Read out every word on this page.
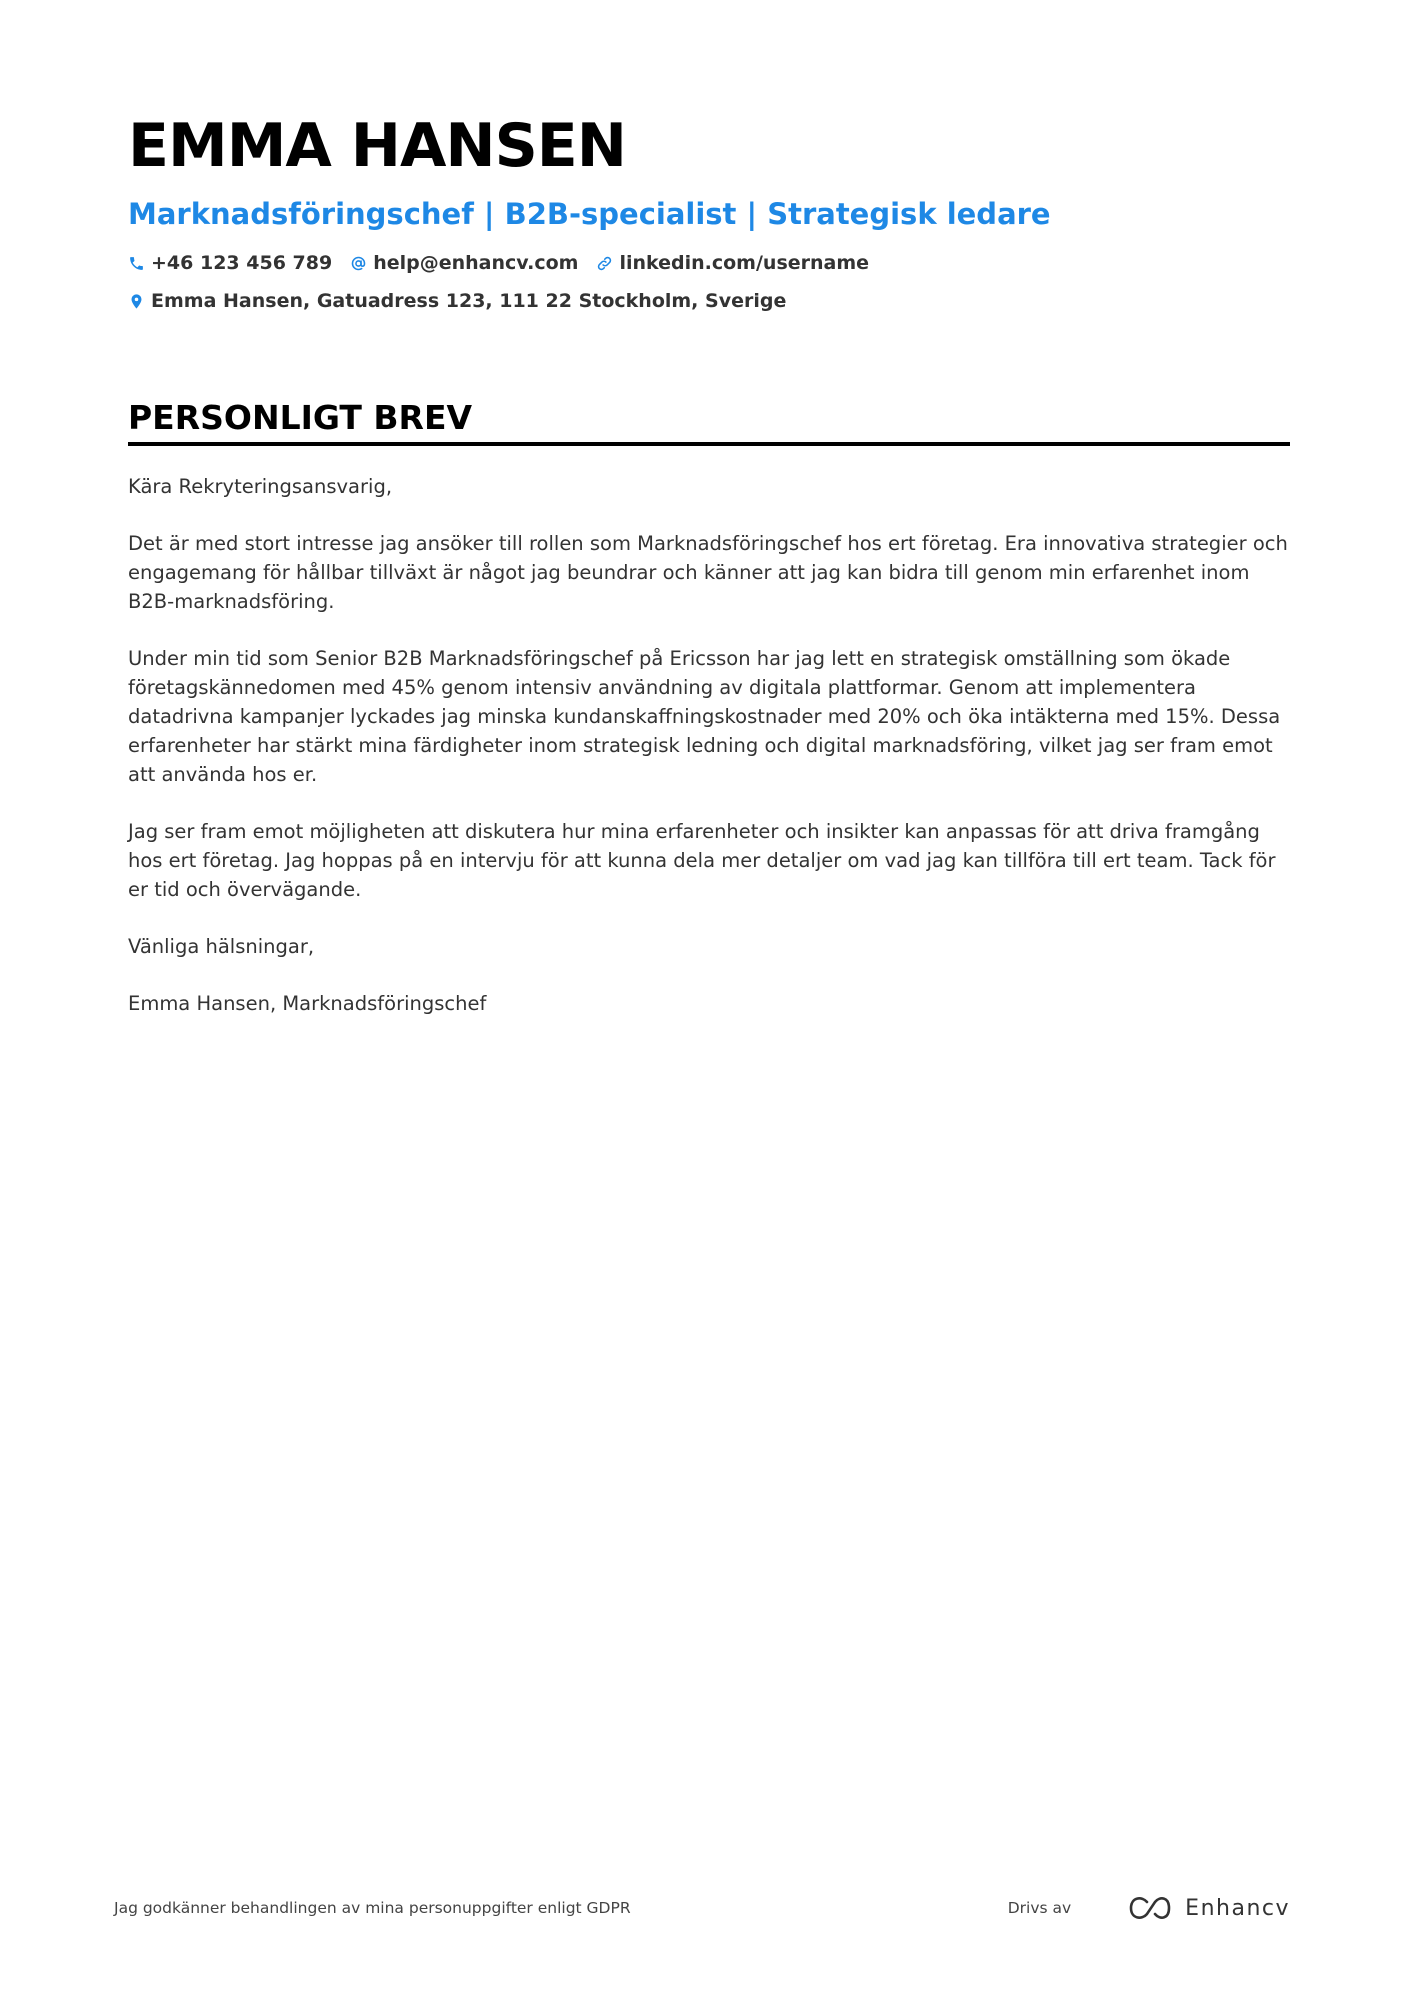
EMMA HANSEN
Marknadsföringschef | B2B-specialist | Strategisk ledare
+46 123 456 789 help@enhancv.com linkedin.com/username
Emma Hansen, Gatuadress 123, 111 22 Stockholm, Sverige
PERSONLIGT BREV

Kära Rekryteringsansvarig,

Det är med stort intresse jag ansöker till rollen som Marknadsföringschef hos ert företag. Era innovativa strategier och engagemang för hållbar tillväxt är något jag beundrar och känner att jag kan bidra till genom min erfarenhet inom B2B-marknadsföring.

Under min tid som Senior B2B Marknadsföringschef på Ericsson har jag lett en strategisk omställning som ökade företagskännedomen med 45% genom intensiv användning av digitala plattformar. Genom att implementera datadrivna kampanjer lyckades jag minska kundanskaffningskostnader med 20% och öka intäkterna med 15%. Dessa erfarenheter har stärkt mina färdigheter inom strategisk ledning och digital marknadsföring, vilket jag ser fram emot att använda hos er.

Jag ser fram emot möjligheten att diskutera hur mina erfarenheter och insikter kan anpassas för att driva framgång hos ert företag. Jag hoppas på en intervju för att kunna dela mer detaljer om vad jag kan tillföra till ert team. Tack för er tid och övervägande.

Vänliga hälsningar,

Emma Hansen, Marknadsföringschef

Jag godkänner behandlingen av mina personuppgifter enligt GDPR	Drivs av	Enhancv
